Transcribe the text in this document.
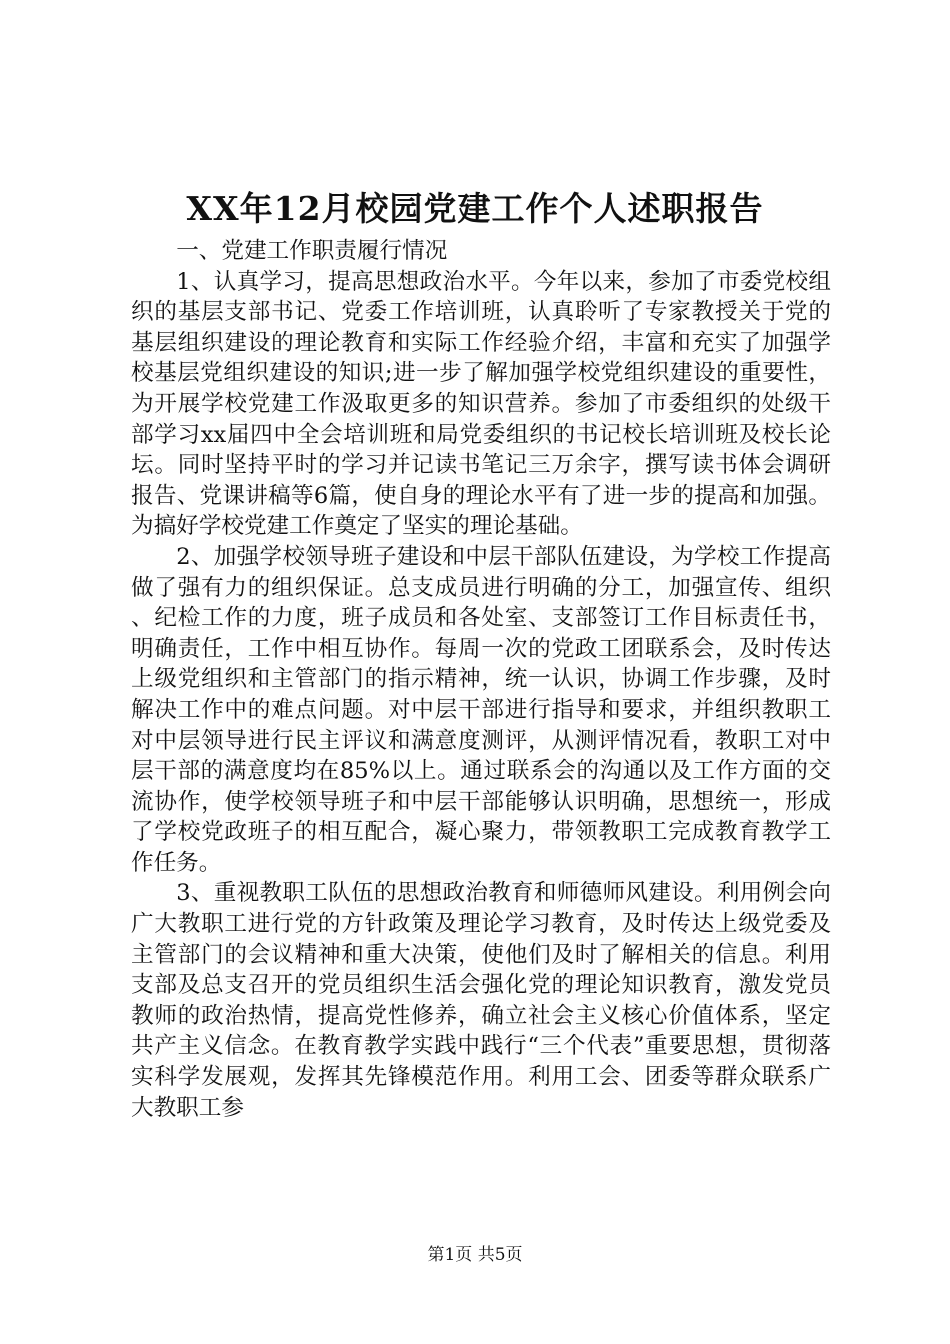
XX年12月校园党建工作个人述职报告

一、党建工作职责履行情况

1、认真学习，提高思想政治水平。今年以来，参加了市委党校组织的基层支部书记、党委工作培训班，认真聆听了专家教授关于党的基层组织建设的理论教育和实际工作经验介绍，丰富和充实了加强学校基层党组织建设的知识;进一步了解加强学校党组织建设的重要性，为开展学校党建工作汲取更多的知识营养。参加了市委组织的处级干部学习xx届四中全会培训班和局党委组织的书记校长培训班及校长论坛。同时坚持平时的学习并记读书笔记三万余字，撰写读书体会调研报告、党课讲稿等6篇，使自身的理论水平有了进一步的提高和加强。为搞好学校党建工作奠定了坚实的理论基础。

2、加强学校领导班子建设和中层干部队伍建设，为学校工作提高做了强有力的组织保证。总支成员进行明确的分工，加强宣传、组织、纪检工作的力度，班子成员和各处室、支部签订工作目标责任书，明确责任，工作中相互协作。每周一次的党政工团联系会，及时传达上级党组织和主管部门的指示精神，统一认识，协调工作步骤，及时解决工作中的难点问题。对中层干部进行指导和要求，并组织教职工对中层领导进行民主评议和满意度测评，从测评情况看，教职工对中层干部的满意度均在85%以上。通过联系会的沟通以及工作方面的交流协作，使学校领导班子和中层干部能够认识明确，思想统一，形成了学校党政班子的相互配合，凝心聚力，带领教职工完成教育教学工作任务。

3、重视教职工队伍的思想政治教育和师德师风建设。利用例会向广大教职工进行党的方针政策及理论学习教育，及时传达上级党委及主管部门的会议精神和重大决策，使他们及时了解相关的信息。利用支部及总支召开的党员组织生活会强化党的理论知识教育，激发党员教师的政治热情，提高党性修养，确立社会主义核心价值体系，坚定共产主义信念。在教育教学实践中践行“三个代表”重要思想，贯彻落实科学发展观，发挥其先锋模范作用。利用工会、团委等群众联系广大教职工参

第1页 共5页
